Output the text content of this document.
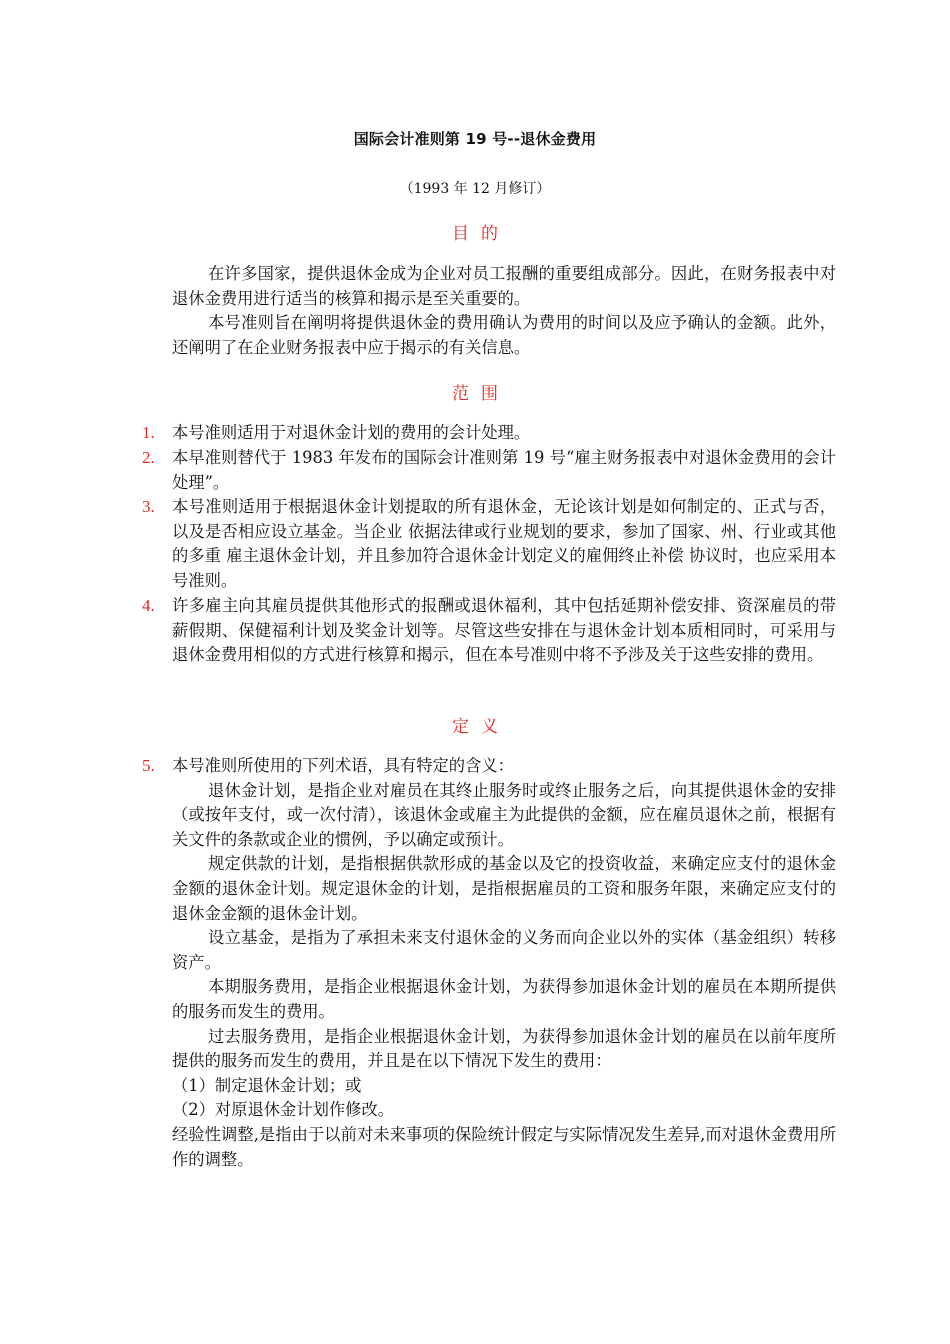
国际会计准则第 19 号--退休金费用
（1993 年 12 月修订）
目的

在许多国家，提供退休金成为企业对员工报酬的重要组成部分。因此，在财务报表中对退休金费用进行适当的核算和揭示是至关重要的。

本号准则旨在阐明将提供退休金的费用确认为费用的时间以及应予确认的金额。此外，还阐明了在企业财务报表中应于揭示的有关信息。

范围
1.	本号准则适用于对退休金计划的费用的会计处理。

2.	本早准则替代于 1983 年发布的国际会计准则第 19 号“雇主财务报表中对退休金费用的会计处理”。

3.	本号准则适用于根据退休金计划提取的所有退休金，无论该计划是如何制定的、正式与否，以及是否相应设立基金。当企业 依据法律或行业规划的要求，参加了国家、州、行业或其他的多重 雇主退休金计划，并且参加符合退休金计划定义的雇佣终止补偿 协议时，也应采用本号准则。

4.	许多雇主向其雇员提供其他形式的报酬或退休福利，其中包括延期补偿安排、资深雇员的带薪假期、保健福利计划及奖金计划等。尽管这些安排在与退休金计划本质相同时，可采用与退休金费用相似的方式进行核算和揭示，但在本号准则中将不予涉及关于这些安排的费用。

定义
5.	本号准则所使用的下列术语，具有特定的含义：

退休金计划，是指企业对雇员在其终止服务时或终止服务之后，向其提供退休金的安排（或按年支付，或一次付清），该退休金或雇主为此提供的金额，应在雇员退休之前，根据有关文件的条款或企业的惯例，予以确定或预计。

规定供款的计划，是指根据供款形成的基金以及它的投资收益，来确定应支付的退休金金额的退休金计划。规定退休金的计划，是指根据雇员的工资和服务年限，来确定应支付的退休金金额的退休金计划。

设立基金，是指为了承担未来支付退休金的义务而向企业以外的实体（基金组织）转移资产。

本期服务费用，是指企业根据退休金计划，为获得参加退休金计划的雇员在本期所提供的服务而发生的费用。

过去服务费用，是指企业根据退休金计划，为获得参加退休金计划的雇员在以前年度所提供的服务而发生的费用，并且是在以下情况下发生的费用：

（1）制定退休金计划；或

（2）对原退休金计划作修改。

经验性调整,是指由于以前对未来事项的保险统计假定与实际情况发生差异,而对退休金费用所作的调整。
